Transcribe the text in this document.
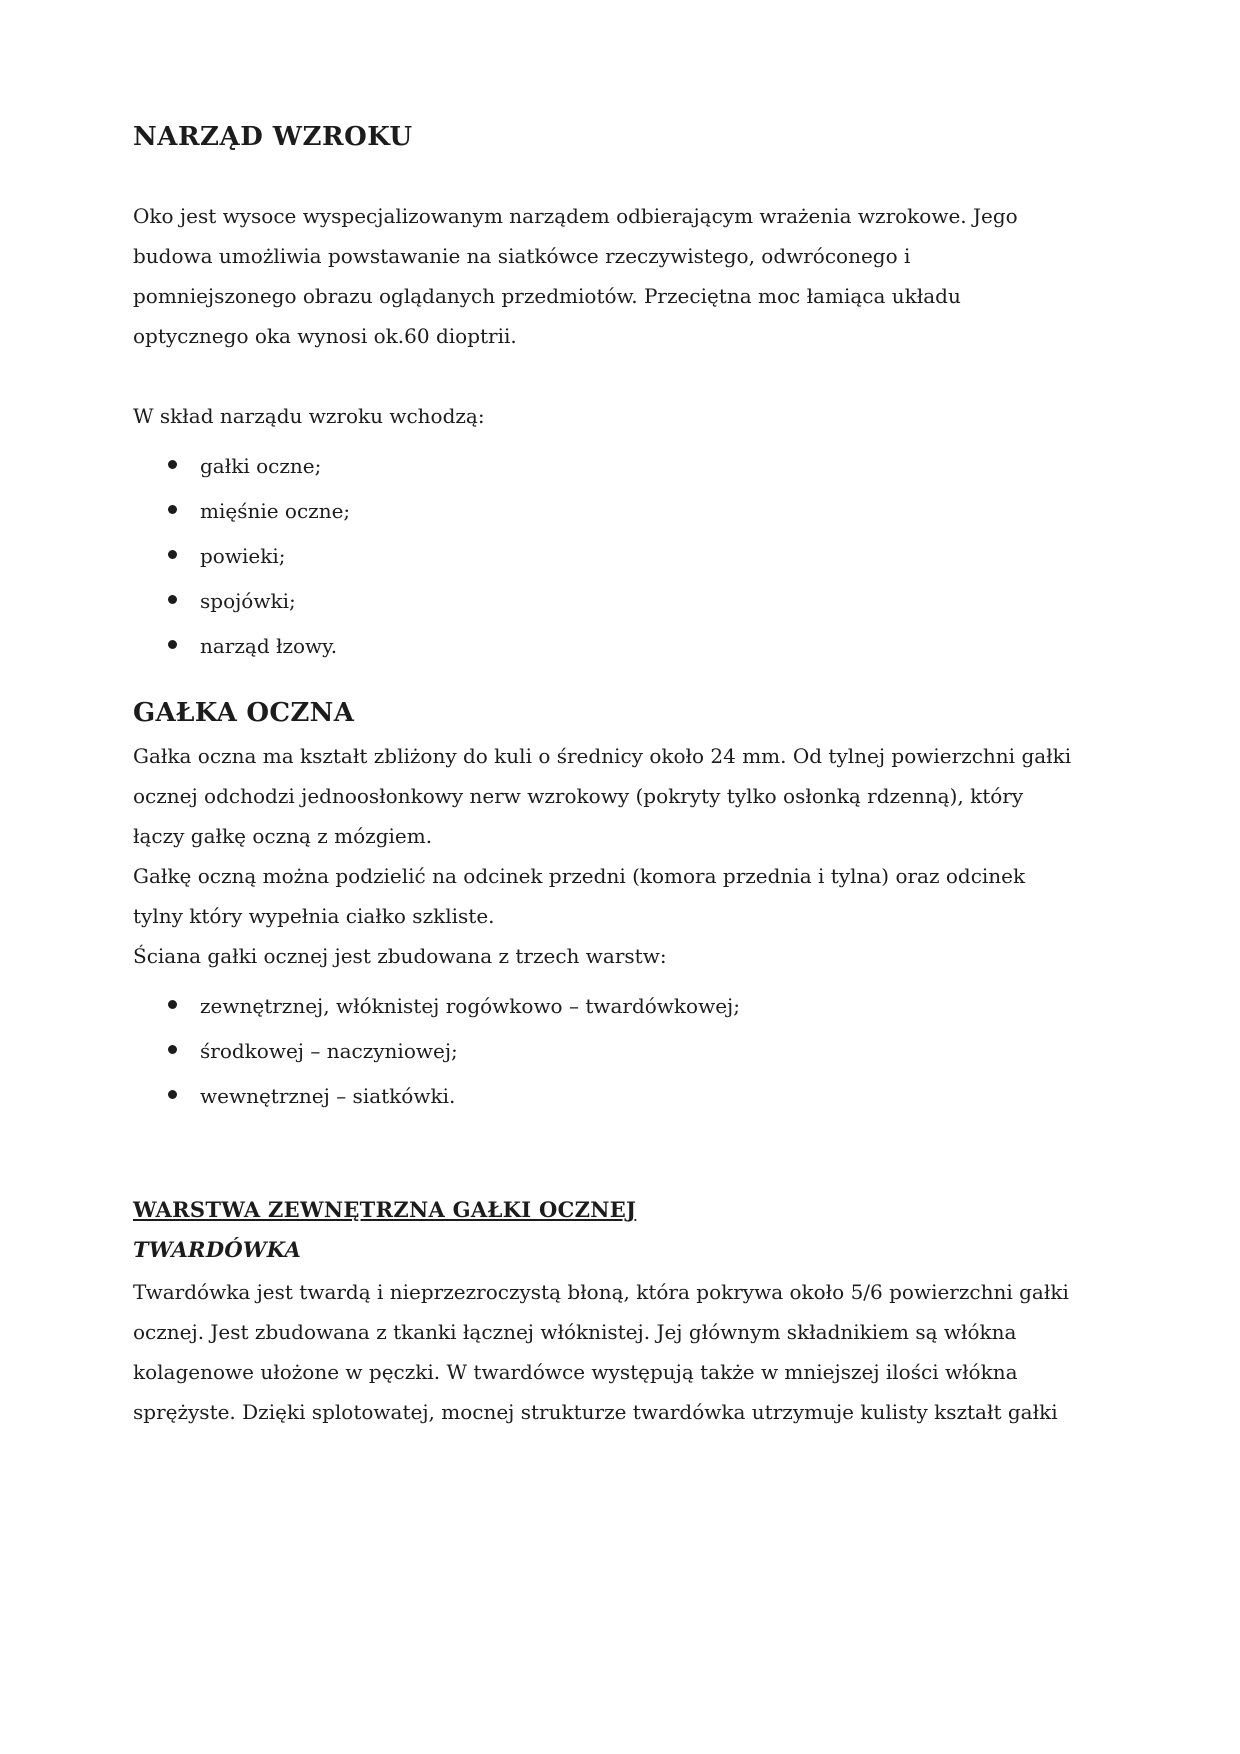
NARZĄD WZROKU

Oko jest wysoce wyspecjalizowanym narządem odbierającym wrażenia wzrokowe. Jego budowa umożliwia powstawanie na siatkówce rzeczywistego, odwróconego i pomniejszonego obrazu oglądanych przedmiotów. Przeciętna moc łamiąca układu optycznego oka wynosi ok.60 dioptrii.

W skład narządu wzroku wchodzą:

gałki oczne;
mięśnie oczne;
powieki;
spojówki;
narząd łzowy.
GAŁKA OCZNA

Gałka oczna ma kształt zbliżony do kuli o średnicy około 24 mm. Od tylnej powierzchni gałki ocznej odchodzi jednoosłonkowy nerw wzrokowy (pokryty tylko osłonką rdzenną), który łączy gałkę oczną z mózgiem.

Gałkę oczną można podzielić na odcinek przedni (komora przednia i tylna) oraz odcinek tylny który wypełnia ciałko szkliste.

Ściana gałki ocznej jest zbudowana z trzech warstw:

zewnętrznej, włóknistej rogówkowo – twardówkowej;
środkowej – naczyniowej;
wewnętrznej – siatkówki.
WARSTWA ZEWNĘTRZNA GAŁKI OCZNEJ
TWARDÓWKA

Twardówka jest twardą i nieprzezroczystą błoną, która pokrywa około 5/6 powierzchni gałki ocznej. Jest zbudowana z tkanki łącznej włóknistej. Jej głównym składnikiem są włókna kolagenowe ułożone w pęczki. W twardówce występują także w mniejszej ilości włókna sprężyste. Dzięki splotowatej, mocnej strukturze twardówka utrzymuje kulisty kształt gałki
